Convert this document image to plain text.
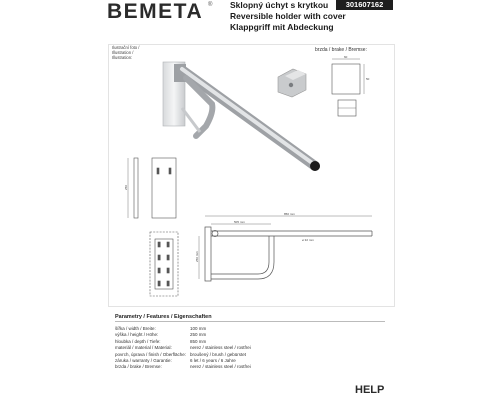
BEMETA ® Sklopný úchyt s krytkou
Reversible holder with cover
Klappgriff mit Abdeckung
301607162
Ilustrační foto /
Illustration /
Illustration:
brzda / brake / Bremse:
60
50
250
850 mm
505 mm
ø 32 mm
250 mm
Parametry / Features / Eigenschaften
šířka / width / Breite:	100 mm
výška / height / Höhe:	250 mm
hloubka / depth / Tiefe:	850 mm
materiál / material / Material:	nerez / stainless steel / rostfrei
povrch, úprava / finish / Oberfläche: broušený / brush / gebürstet
záruka / warranty / Garantie:	6 let / 6 years / 6 Jahre
brzda / brake / Bremse:	nerez / stainless steel / rostfrei
HELP
